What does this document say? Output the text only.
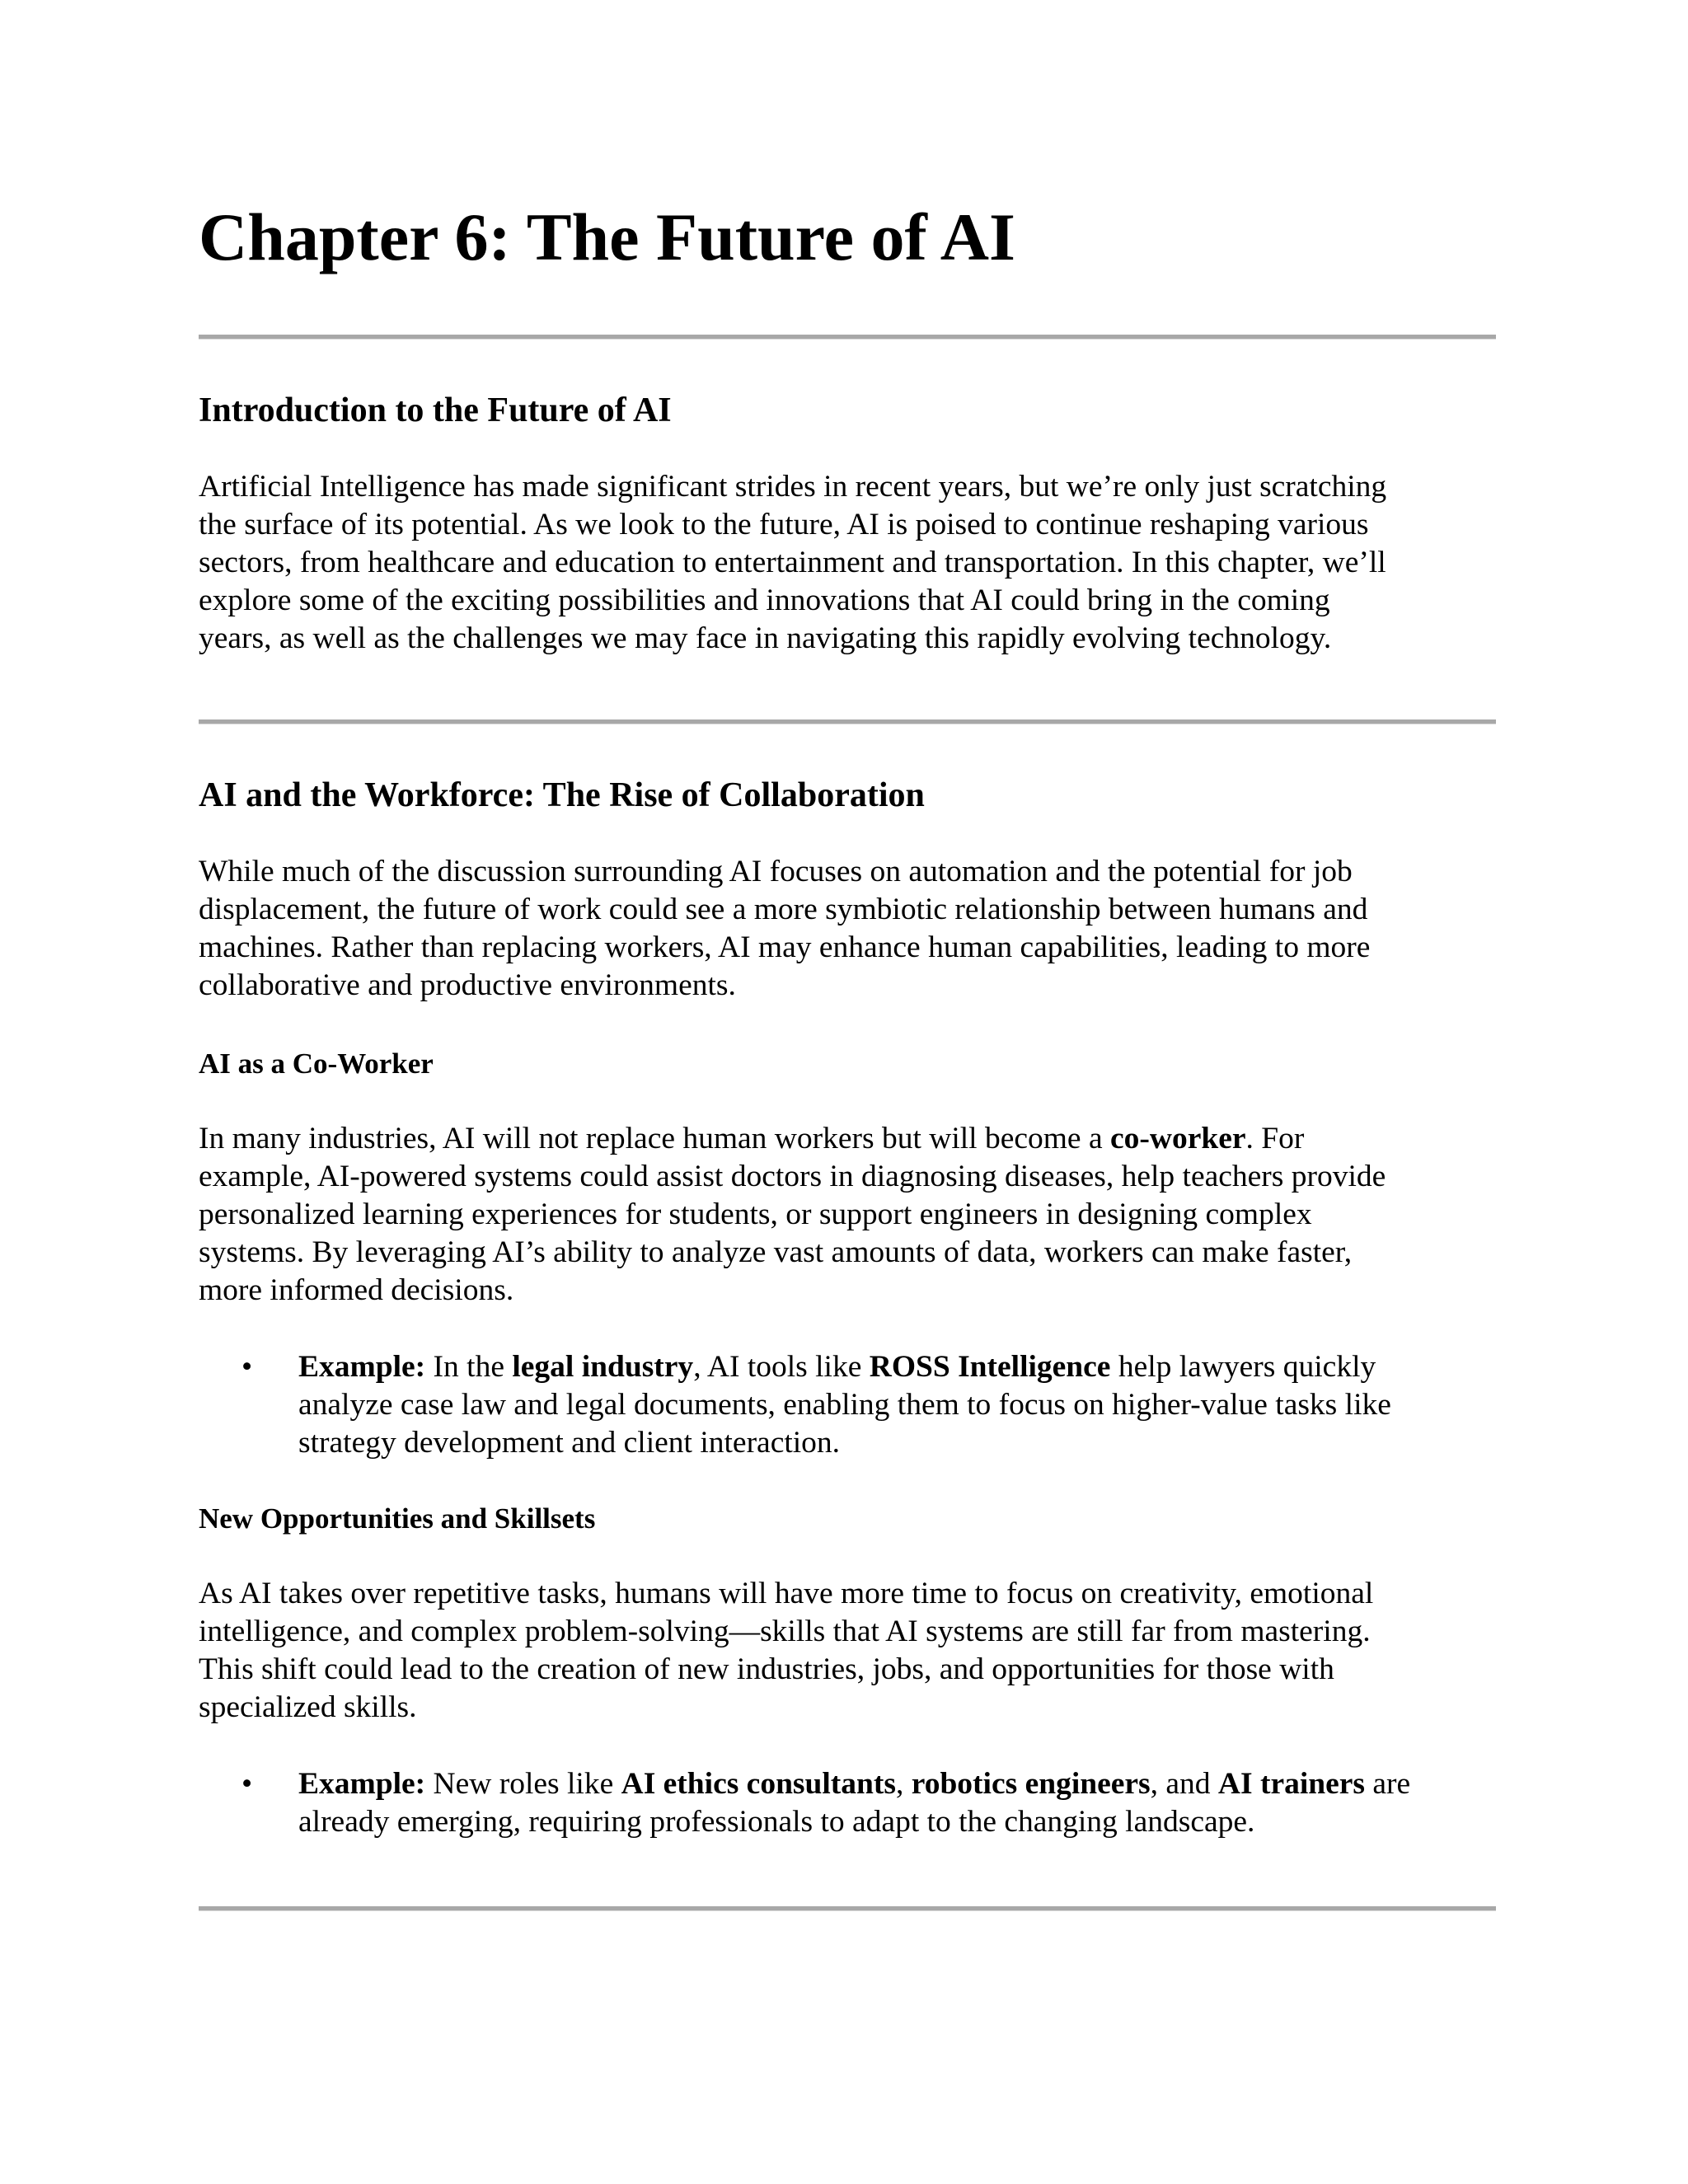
Chapter 6: The Future of AI
Introduction to the Future of AI
Artificial Intelligence has made significant strides in recent years, but we’re only just scratching
the surface of its potential. As we look to the future, AI is poised to continue reshaping various
sectors, from healthcare and education to entertainment and transportation. In this chapter, we’ll
explore some of the exciting possibilities and innovations that AI could bring in the coming
years, as well as the challenges we may face in navigating this rapidly evolving technology.
AI and the Workforce: The Rise of Collaboration
While much of the discussion surrounding AI focuses on automation and the potential for job
displacement, the future of work could see a more symbiotic relationship between humans and
machines. Rather than replacing workers, AI may enhance human capabilities, leading to more
collaborative and productive environments.
AI as a Co-Worker
In many industries, AI will not replace human workers but will become a co-worker. For
example, AI-powered systems could assist doctors in diagnosing diseases, help teachers provide
personalized learning experiences for students, or support engineers in designing complex
systems. By leveraging AI’s ability to analyze vast amounts of data, workers can make faster,
more informed decisions.
• Example: In the legal industry, AI tools like ROSS Intelligence help lawyers quickly
analyze case law and legal documents, enabling them to focus on higher-value tasks like
strategy development and client interaction.
New Opportunities and Skillsets
As AI takes over repetitive tasks, humans will have more time to focus on creativity, emotional
intelligence, and complex problem-solving—skills that AI systems are still far from mastering.
This shift could lead to the creation of new industries, jobs, and opportunities for those with
specialized skills.
• Example: New roles like AI ethics consultants, robotics engineers, and AI trainers are
already emerging, requiring professionals to adapt to the changing landscape.
